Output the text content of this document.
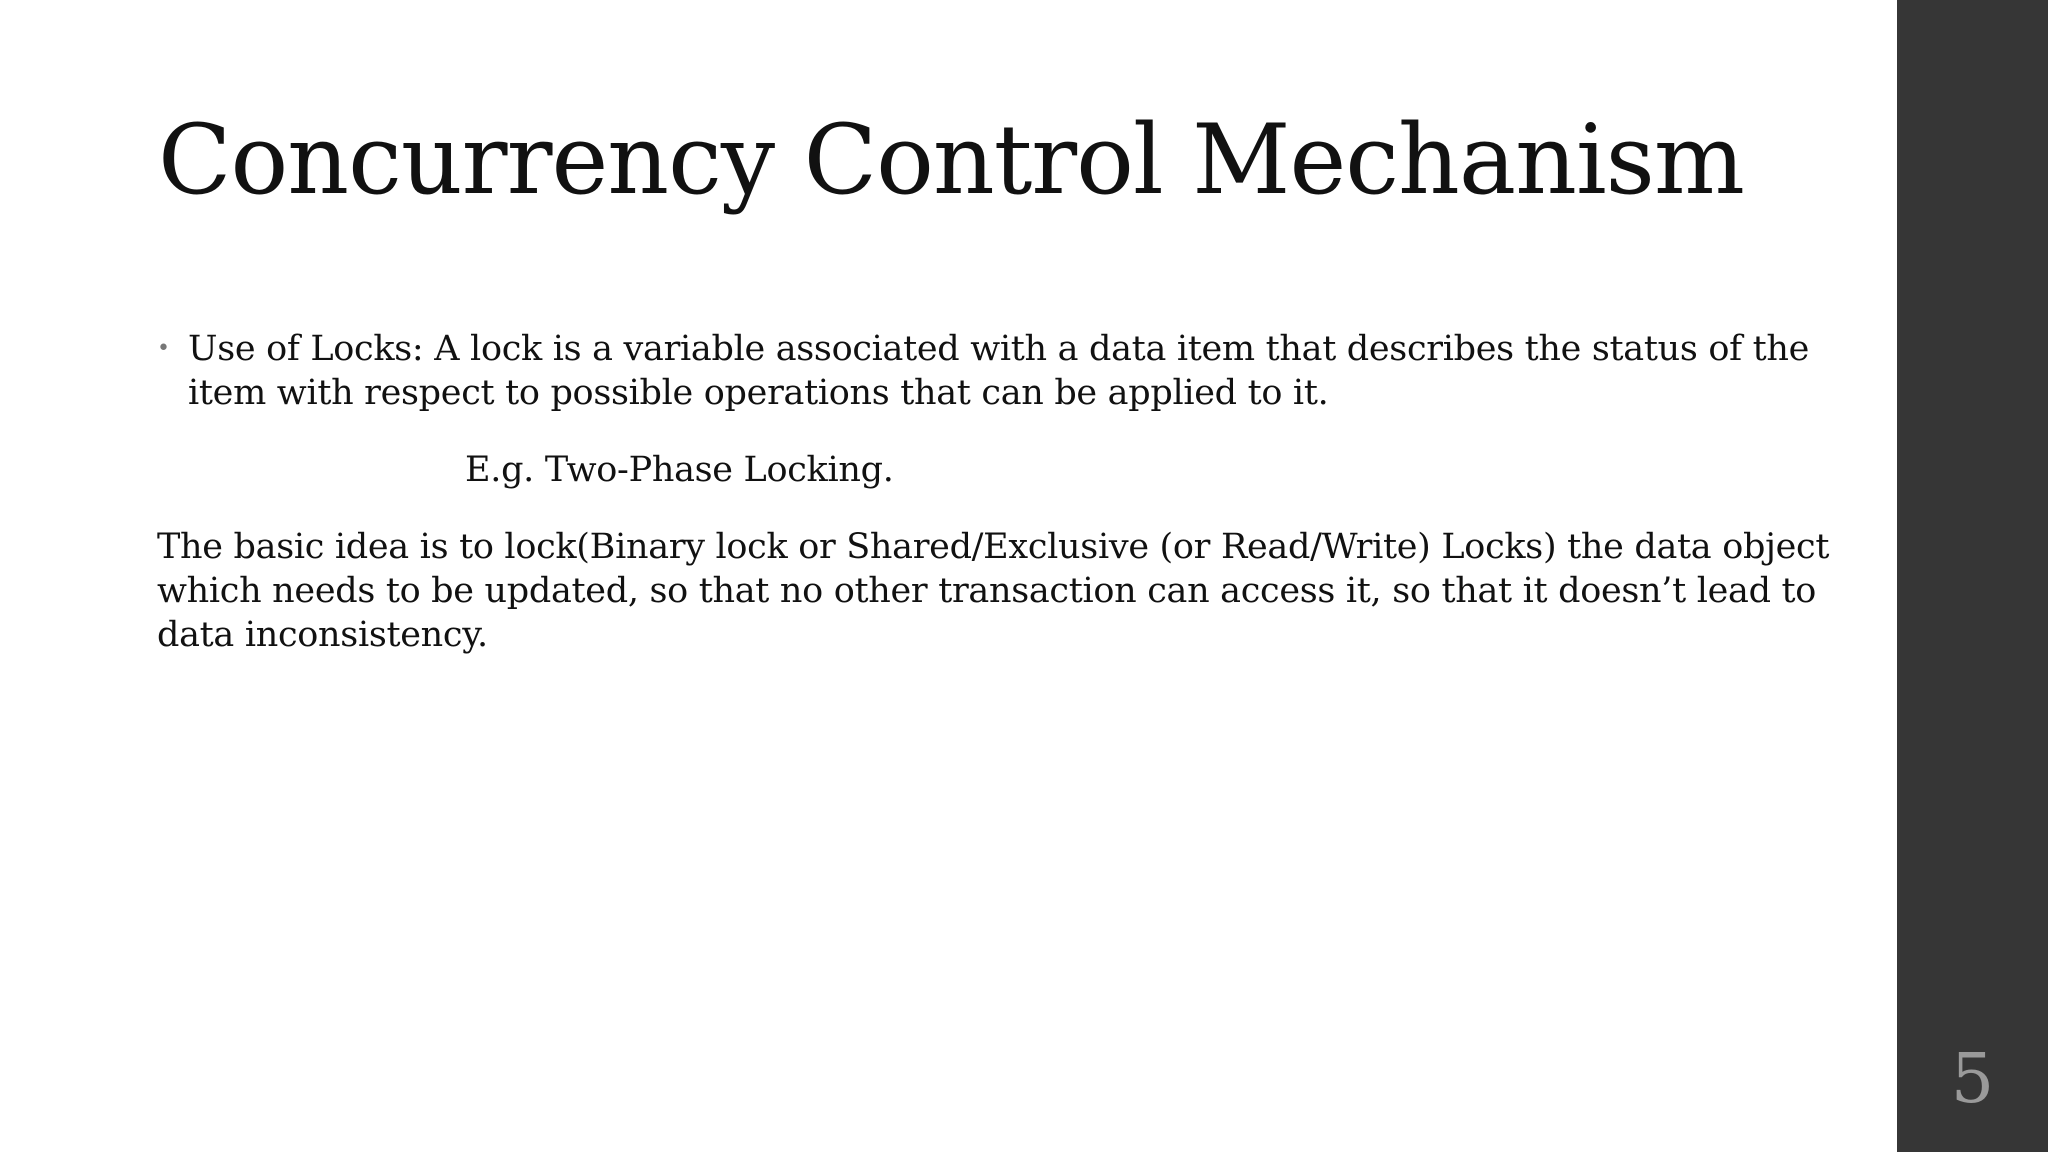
Concurrency Control Mechanism
• Use of Locks: A lock is a variable associated with a data item that describes the status of the item with respect to possible operations that can be applied to it.
E.g. Two-Phase Locking.
The basic idea is to lock(Binary lock or Shared/Exclusive (or Read/Write) Locks) the data object which needs to be updated, so that no other transaction can access it, so that it doesn’t lead to data inconsistency.
5
